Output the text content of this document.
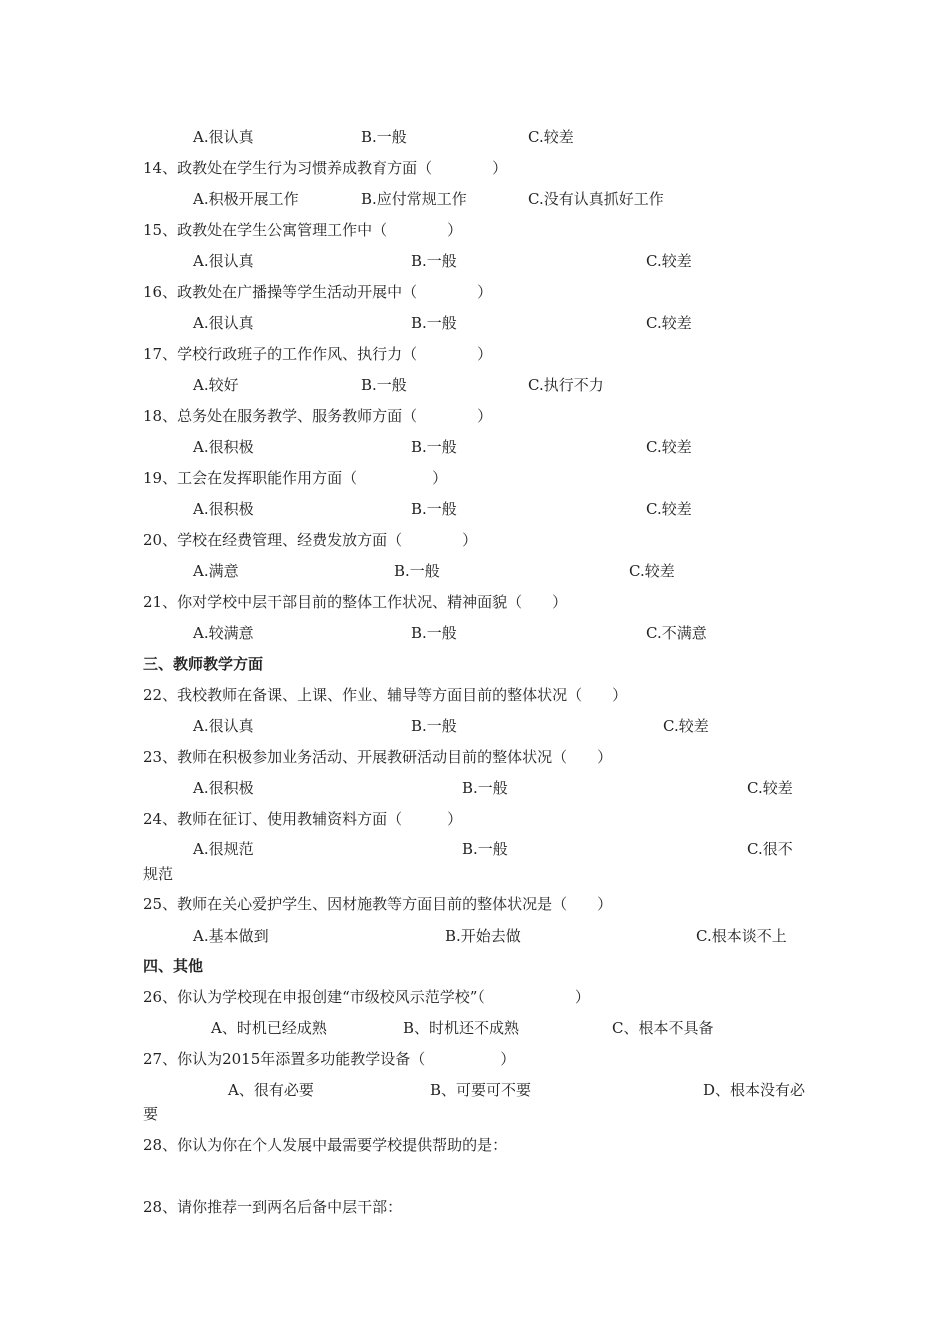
A.很认真	B.一般	C.较差
14、政教处在学生行为习惯养成教育方面（　　　　）
A.积极开展工作	B.应付常规工作	C.没有认真抓好工作
15、政教处在学生公寓管理工作中（　　　　）
A.很认真	B.一般	C.较差
16、政教处在广播操等学生活动开展中（　　　　）
A.很认真	B.一般	C.较差
17、学校行政班子的工作作风、执行力（　　　　）
A.较好	B.一般	C.执行不力
18、总务处在服务教学、服务教师方面（　　　　）
A.很积极	B.一般	C.较差
19、工会在发挥职能作用方面（　　　　　）
A.很积极	B.一般	C.较差
20、学校在经费管理、经费发放方面（　　　　）
A.满意	B.一般	C.较差
21、你对学校中层干部目前的整体工作状况、精神面貌（　　）
A.较满意	B.一般	C.不满意
三、教师教学方面
22、我校教师在备课、上课、作业、辅导等方面目前的整体状况（　　）
A.很认真	B.一般	C.较差
23、教师在积极参加业务活动、开展教研活动目前的整体状况（　　）
A.很积极	B.一般	C.较差
24、教师在征订、使用教辅资料方面（　　　）
A.很规范	B.一般	C.很不
规范
25、教师在关心爱护学生、因材施教等方面目前的整体状况是（　　）
A.基本做到	B.开始去做	C.根本谈不上
四、其他
26、你认为学校现在申报创建“市级校风示范学校”（　　　　　　）
A、时机已经成熟	B、时机还不成熟	C、根本不具备
27、你认为2015年添置多功能教学设备（　　　　　）
A、很有必要	B、可要可不要	D、根本没有必
要
28、你认为你在个人发展中最需要学校提供帮助的是：
28、请你推荐一到两名后备中层干部：
